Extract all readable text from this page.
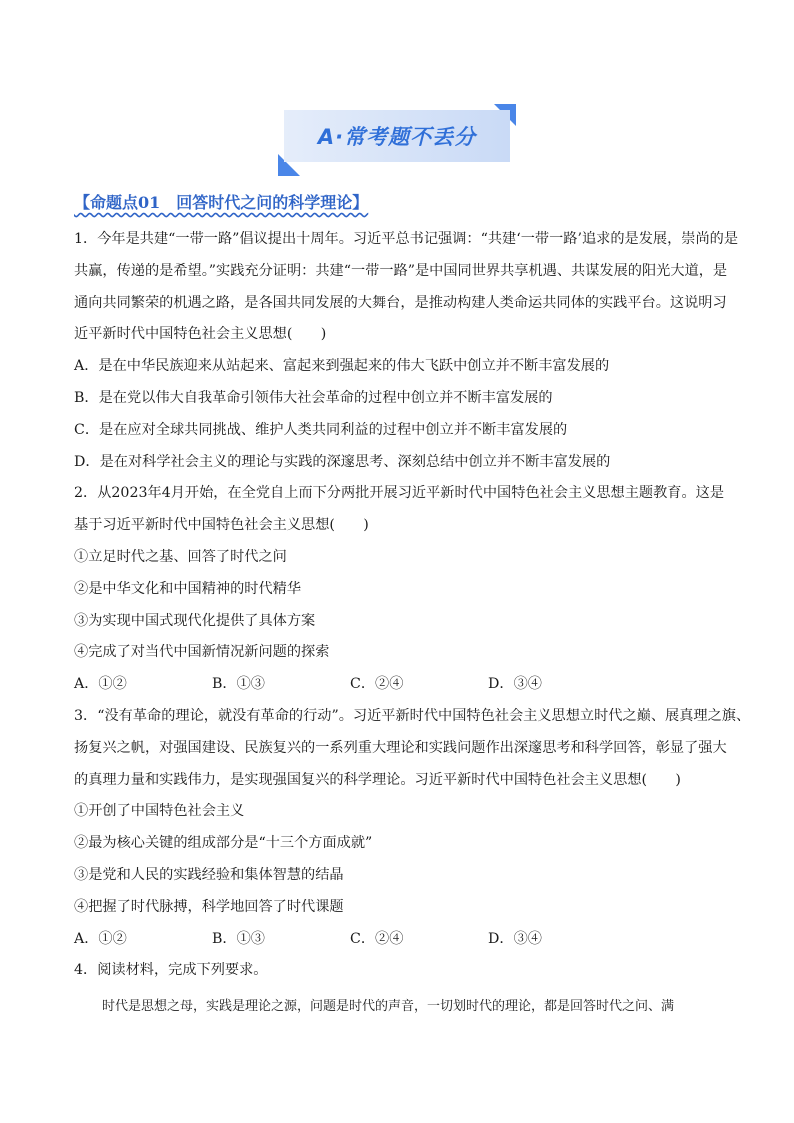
A·常考题不丢分
【命题点01　回答时代之问的科学理论】
1．今年是共建“一带一路”倡议提出十周年。习近平总书记强调：“共建‘一带一路’追求的是发展，崇尚的是
共赢，传递的是希望。”实践充分证明：共建“一带一路”是中国同世界共享机遇、共谋发展的阳光大道，是
通向共同繁荣的机遇之路，是各国共同发展的大舞台，是推动构建人类命运共同体的实践平台。这说明习
近平新时代中国特色社会主义思想(　　)
A．是在中华民族迎来从站起来、富起来到强起来的伟大飞跃中创立并不断丰富发展的
B．是在党以伟大自我革命引领伟大社会革命的过程中创立并不断丰富发展的
C．是在应对全球共同挑战、维护人类共同利益的过程中创立并不断丰富发展的
D．是在对科学社会主义的理论与实践的深邃思考、深刻总结中创立并不断丰富发展的
2．从2023年4月开始，在全党自上而下分两批开展习近平新时代中国特色社会主义思想主题教育。这是
基于习近平新时代中国特色社会主义思想(　　)
①立足时代之基、回答了时代之问
②是中华文化和中国精神的时代精华
③为实现中国式现代化提供了具体方案
④完成了对当代中国新情况新问题的探索
A．①②	B．①③	C．②④	D．③④
3．“没有革命的理论，就没有革命的行动”。习近平新时代中国特色社会主义思想立时代之巅、展真理之旗、
扬复兴之帆，对强国建设、民族复兴的一系列重大理论和实践问题作出深邃思考和科学回答，彰显了强大
的真理力量和实践伟力，是实现强国复兴的科学理论。习近平新时代中国特色社会主义思想(　　)
①开创了中国特色社会主义
②最为核心关键的组成部分是“十三个方面成就”
③是党和人民的实践经验和集体智慧的结晶
④把握了时代脉搏，科学地回答了时代课题
A．①②	B．①③	C．②④	D．③④
4．阅读材料，完成下列要求。
时代是思想之母，实践是理论之源，问题是时代的声音，一切划时代的理论，都是回答时代之问、满
